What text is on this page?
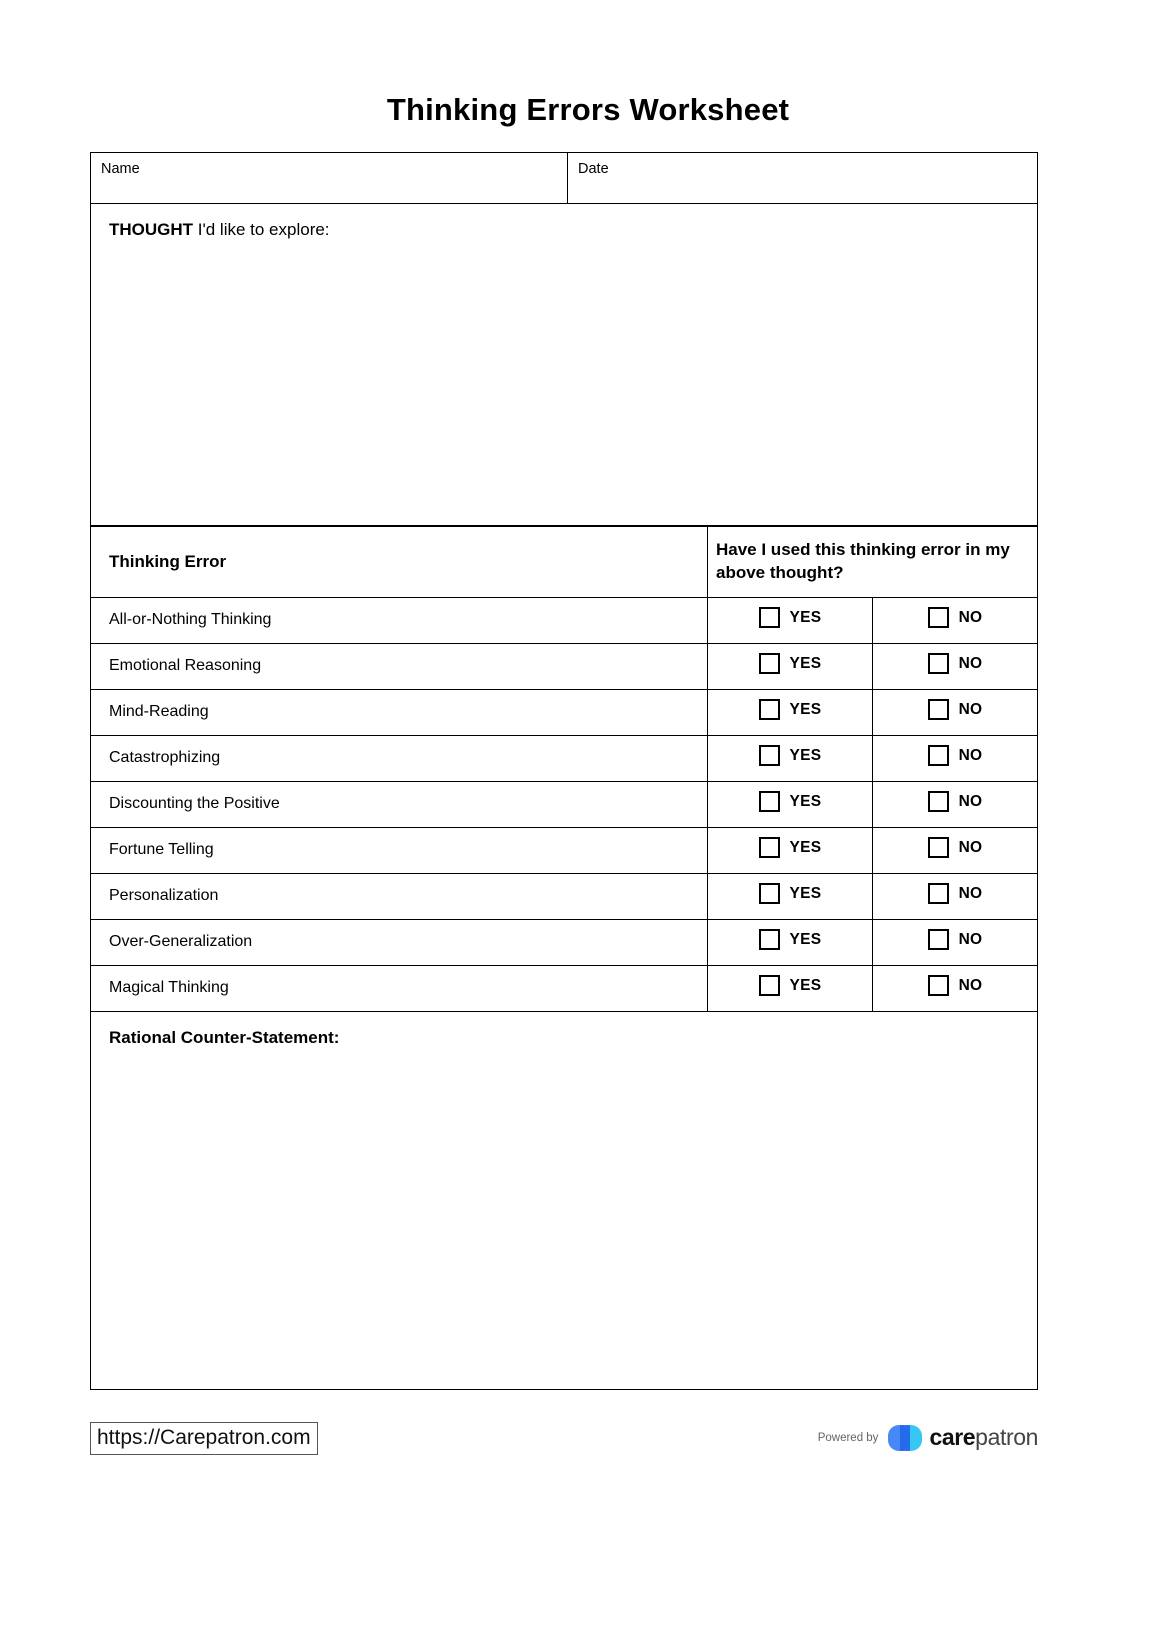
Thinking Errors Worksheet
Name	Date
THOUGHT I'd like to explore:
Thinking Error	Have I used this thinking error in my above thought?	
All-or-Nothing Thinking	YES	NO

Emotional Reasoning	YES	NO

Mind-Reading	YES	NO

Catastrophizing	YES	NO

Discounting the Positive	YES	NO

Fortune Telling	YES	NO

Personalization	YES	NO

Over-Generalization	YES	NO

Magical Thinking	YES	NO
Rational Counter-Statement:
https://Carepatron.com	Powered by carepatron
